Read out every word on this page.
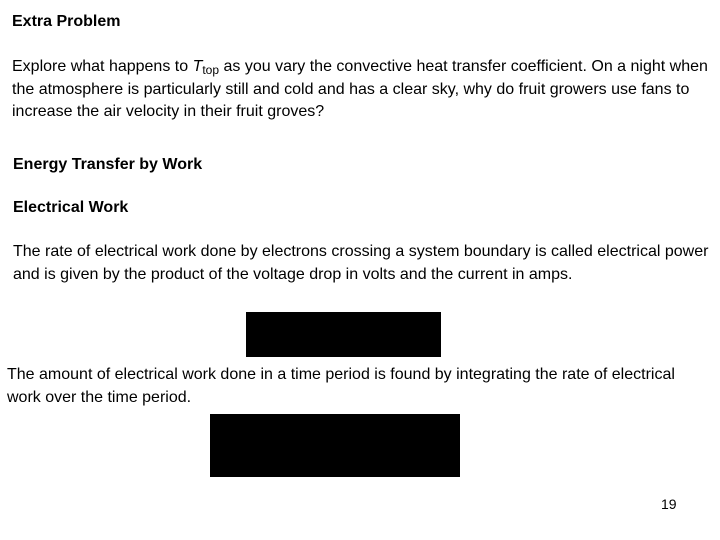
Extra Problem

Explore what happens to $T_{top}$ as you vary the convective heat transfer coefficient. On a night when the atmosphere is particularly still and cold and has a clear sky, why do fruit growers use fans to increase the air velocity in their fruit groves?

Energy Transfer by Work
Electrical Work

The rate of electrical work done by electrons crossing a system boundary is called electrical power and is given by the product of the voltage drop in volts and the current in amps.

The amount of electrical work done in a time period is found by integrating the rate of electrical work over the time period.

19
